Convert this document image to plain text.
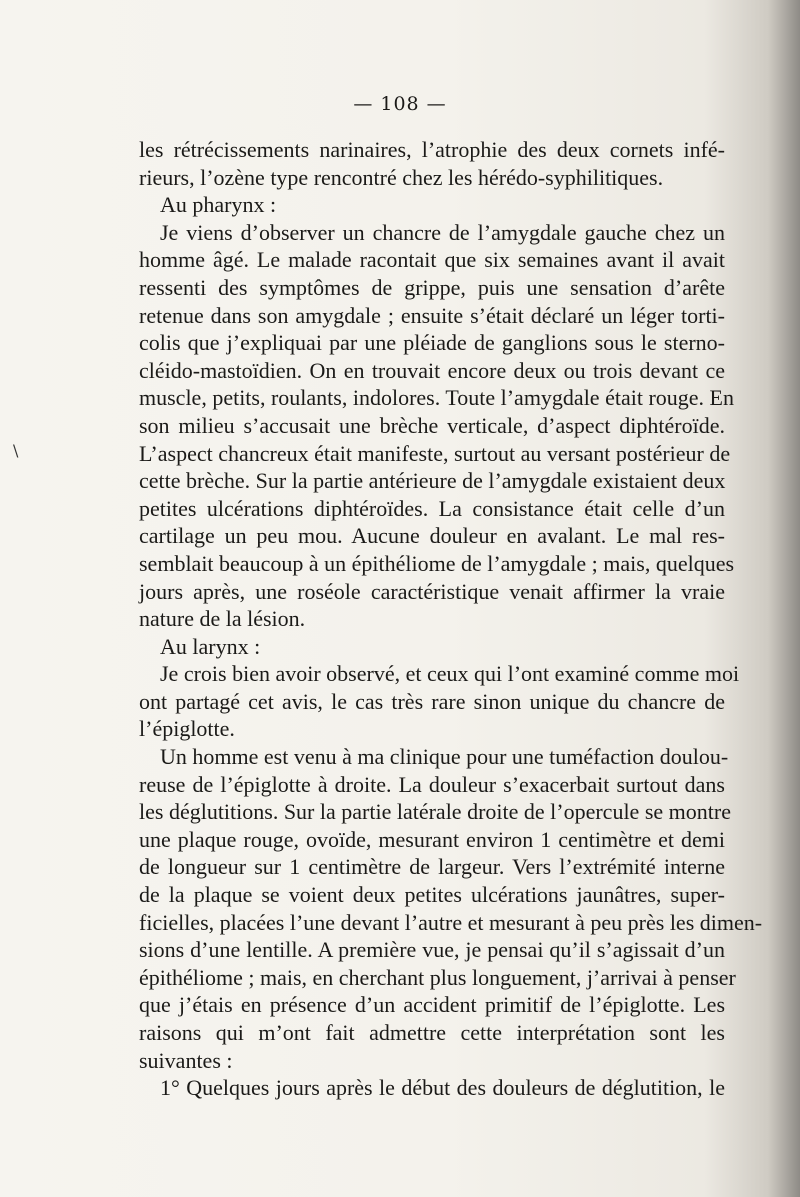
— 108 —
\
les rétrécissements narinaires, l’atrophie des deux cornets infé-
rieurs, l’ozène type rencontré chez les hérédo-syphilitiques.
Au pharynx :
Je viens d’observer un chancre de l’amygdale gauche chez un
homme âgé. Le malade racontait que six semaines avant il avait
ressenti des symptômes de grippe, puis une sensation d’arête
retenue dans son amygdale ; ensuite s’était déclaré un léger torti-
colis que j’expliquai par une pléiade de ganglions sous le sterno-
cléido-mastoïdien. On en trouvait encore deux ou trois devant ce
muscle, petits, roulants, indolores. Toute l’amygdale était rouge. En
son milieu s’accusait une brèche verticale, d’aspect diphtéroïde.
L’aspect chancreux était manifeste, surtout au versant postérieur de
cette brèche. Sur la partie antérieure de l’amygdale existaient deux
petites ulcérations diphtéroïdes. La consistance était celle d’un
cartilage un peu mou. Aucune douleur en avalant. Le mal res-
semblait beaucoup à un épithéliome de l’amygdale ; mais, quelques
jours après, une roséole caractéristique venait affirmer la vraie
nature de la lésion.
Au larynx :
Je crois bien avoir observé, et ceux qui l’ont examiné comme moi
ont partagé cet avis, le cas très rare sinon unique du chancre de
l’épiglotte.
Un homme est venu à ma clinique pour une tuméfaction doulou-
reuse de l’épiglotte à droite. La douleur s’exacerbait surtout dans
les déglutitions. Sur la partie latérale droite de l’opercule se montre
une plaque rouge, ovoïde, mesurant environ 1 centimètre et demi
de longueur sur 1 centimètre de largeur. Vers l’extrémité interne
de la plaque se voient deux petites ulcérations jaunâtres, super-
ficielles, placées l’une devant l’autre et mesurant à peu près les dimen-
sions d’une lentille. A première vue, je pensai qu’il s’agissait d’un
épithéliome ; mais, en cherchant plus longuement, j’arrivai à penser
que j’étais en présence d’un accident primitif de l’épiglotte. Les
raisons qui m’ont fait admettre cette interprétation sont les
suivantes :
1° Quelques jours après le début des douleurs de déglutition, le
